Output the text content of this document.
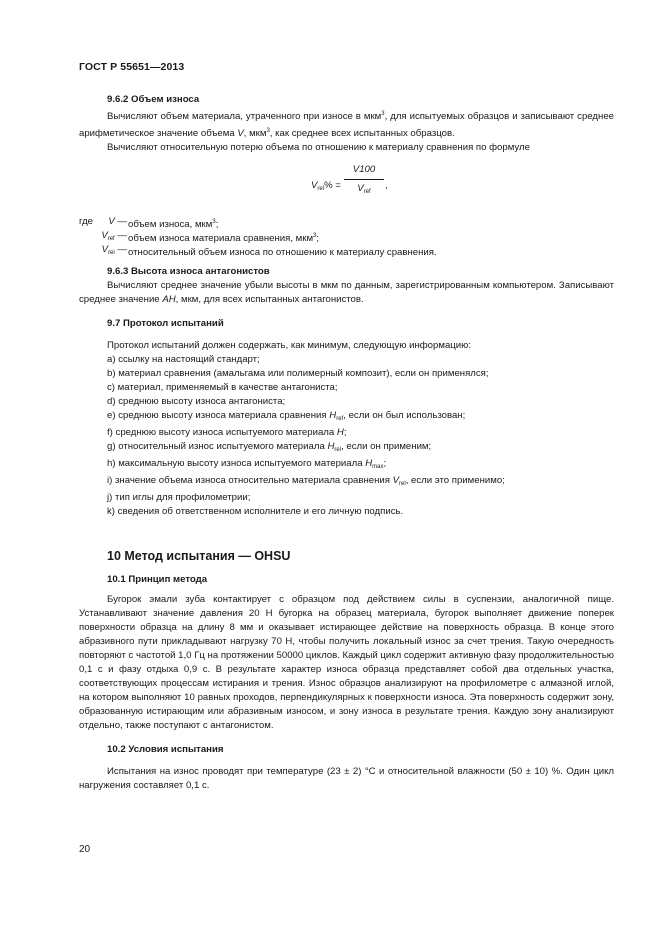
ГОСТ Р 55651—2013

9.6.2 Объем износа

Вычисляют объем материала, утраченного при износе в мкм$^3$, для испытуемых образцов и записывают среднее арифметическое значение объема V, мкм$^3$, как среднее всех испытанных образцов.

Вычисляют относительную потерю объема по отношению к материалу сравнения по формуле

$V_{rel}\%$ =
V100
$V_{ref}$
,
где V — объем износа, мкм$^3$;
$V_{ref}$ — объем износа материала сравнения, мкм$^3$;
$V_{rel}$ — относительный объем износа по отношению к материалу сравнения.

9.6.3 Высота износа антагонистов

Вычисляют среднее значение убыли высоты в мкм по данным, зарегистрированным компьютером. Записывают среднее значение AH, мкм, для всех испытанных антагонистов.

9.7 Протокол испытаний

Протокол испытаний должен содержать, как минимум, следующую информацию:

а) ссылку на настоящий стандарт;

b) материал сравнения (амальгама или полимерный композит), если он применялся;

c) материал, применяемый в качестве антагониста;

d) среднюю высоту износа антагониста;

e) среднюю высоту износа материала сравнения $H_{ref}$, если он был использован;

f) среднюю высоту износа испытуемого материала H;

g) относительный износ испытуемого материала $H_{rel}$, если он применим;

h) максимальную высоту износа испытуемого материала $H_{max}$;

i) значение объема износа относительно материала сравнения $V_{rel}$, если это применимо;

j) тип иглы для профилометрии;

k) сведения об ответственном исполнителе и его личную подпись.

10 Метод испытания — OHSU

10.1 Принцип метода

Бугорок эмали зуба контактирует с образцом под действием силы в суспензии, аналогичной пище. Устанавливают значение давления 20 Н бугорка на образец материала, бугорок выполняет движение поперек поверхности образца на длину 8 мм и оказывает истирающее действие на поверхность образца. В конце этого абразивного пути прикладывают нагрузку 70 Н, чтобы получить локальный износ за счет трения. Такую очередность повторяют с частотой 1,0 Гц на протяжении 50000 циклов. Каждый цикл содержит активную фазу продолжительностью 0,1 с и фазу отдыха 0,9 с. В результате характер износа образца представляет собой два отдельных участка, соответствующих процессам истирания и трения. Износ образцов анализируют на профилометре с алмазной иглой, на котором выполняют 10 равных проходов, перпендикулярных к поверхности износа. Эта поверхность содержит зону, образованную истирающим или абразивным износом, и зону износа в результате трения. Каждую зону анализируют отдельно, также поступают с антагонистом.

10.2 Условия испытания

Испытания на износ проводят при температуре (23 ± 2) °С и относительной влажности (50 ± 10) %. Один цикл нагружения составляет 0,1 с.

20
